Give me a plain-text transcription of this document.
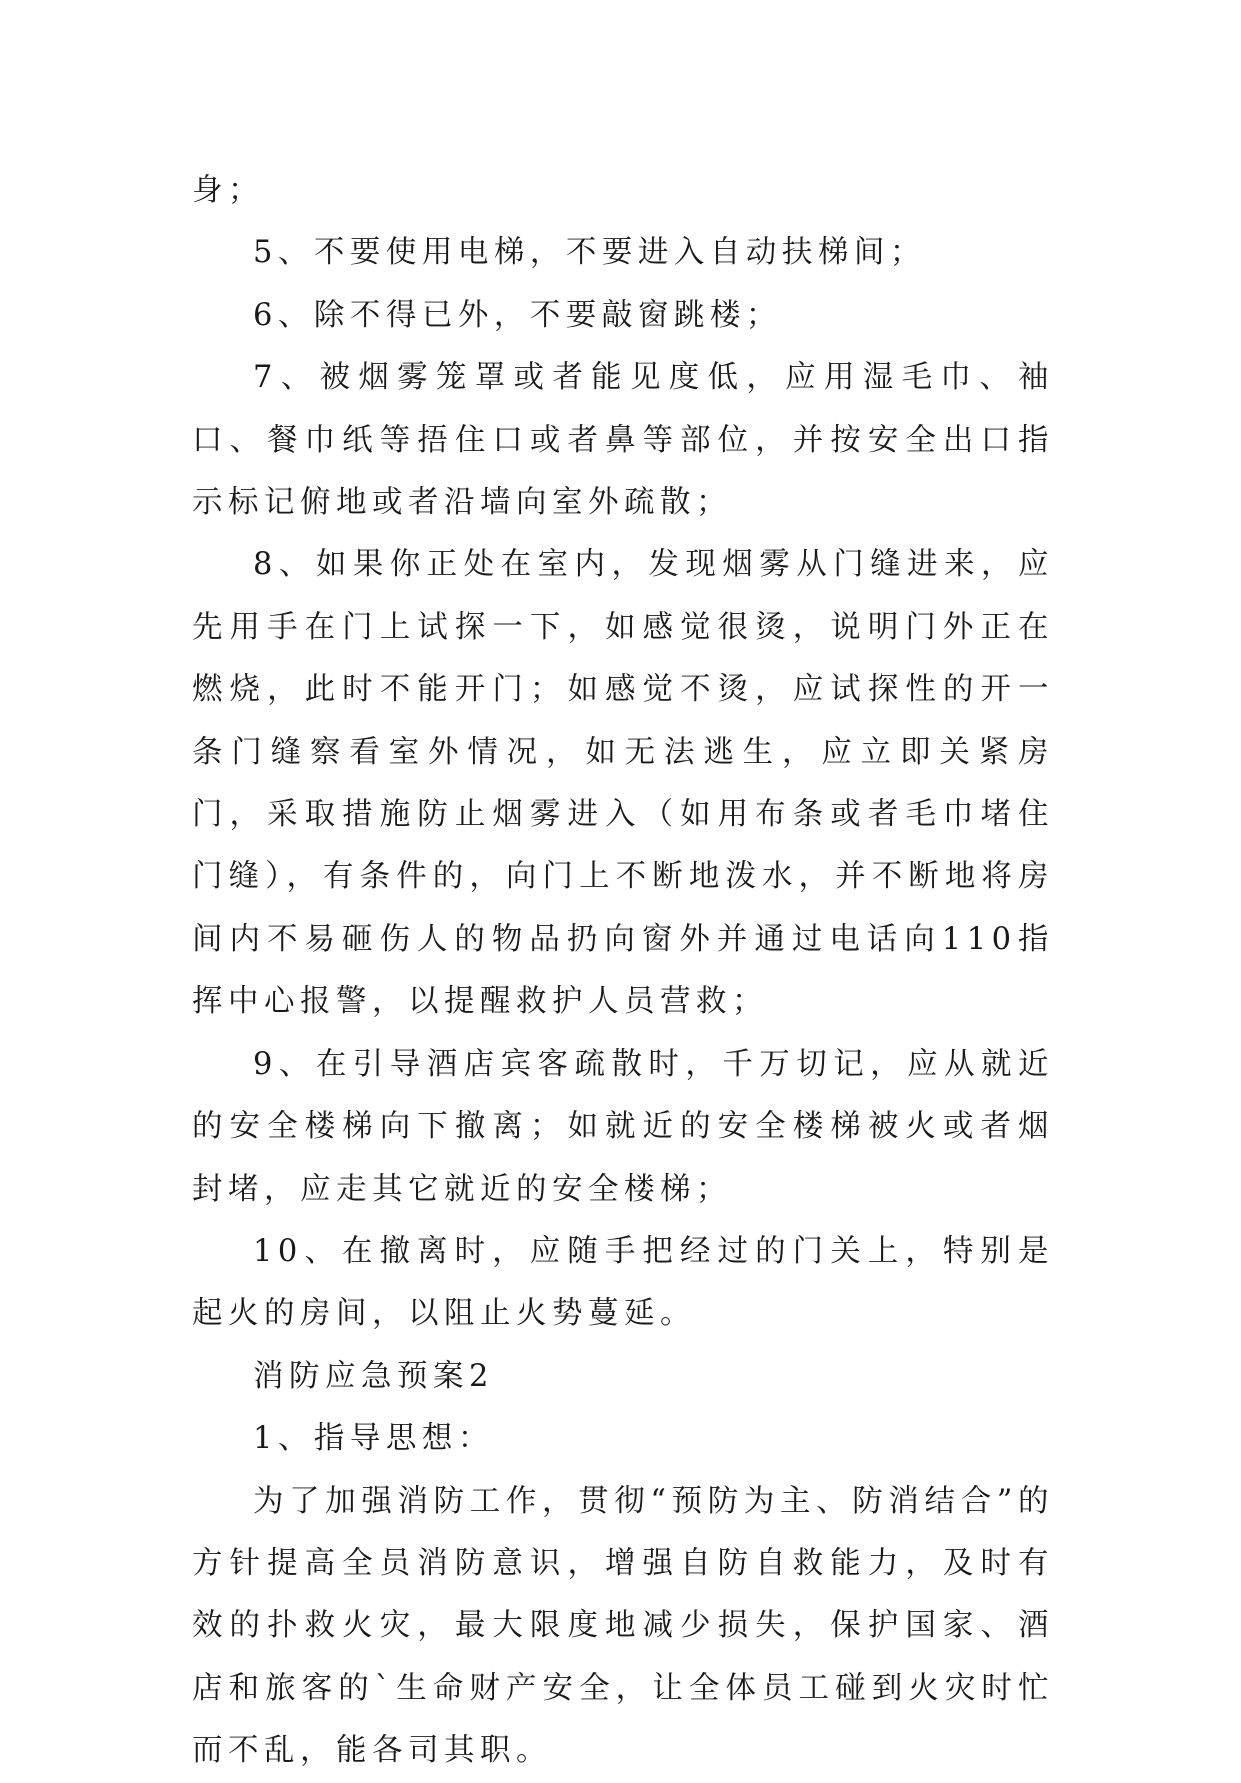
身；

5、不要使用电梯，不要进入自动扶梯间；

6、除不得已外，不要敲窗跳楼；

7、被烟雾笼罩或者能见度低，应用湿毛巾、袖口、餐巾纸等捂住口或者鼻等部位，并按安全出口指示标记俯地或者沿墙向室外疏散；

8、如果你正处在室内，发现烟雾从门缝进来，应先用手在门上试探一下，如感觉很烫，说明门外正在燃烧，此时不能开门；如感觉不烫，应试探性的开一条门缝察看室外情况，如无法逃生，应立即关紧房门，采取措施防止烟雾进入（如用布条或者毛巾堵住门缝），有条件的，向门上不断地泼水，并不断地将房间内不易砸伤人的物品扔向窗外并通过电话向110指挥中心报警，以提醒救护人员营救；

9、在引导酒店宾客疏散时，千万切记，应从就近的安全楼梯向下撤离；如就近的安全楼梯被火或者烟封堵，应走其它就近的安全楼梯；

10、在撤离时，应随手把经过的门关上，特别是起火的房间，以阻止火势蔓延。

消防应急预案2

1、指导思想：

为了加强消防工作，贯彻“预防为主、防消结合”的方针提高全员消防意识，增强自防自救能力，及时有效的扑救火灾，最大限度地减少损失，保护国家、酒店和旅客的`生命财产安全，让全体员工碰到火灾时忙而不乱，能各司其职。
